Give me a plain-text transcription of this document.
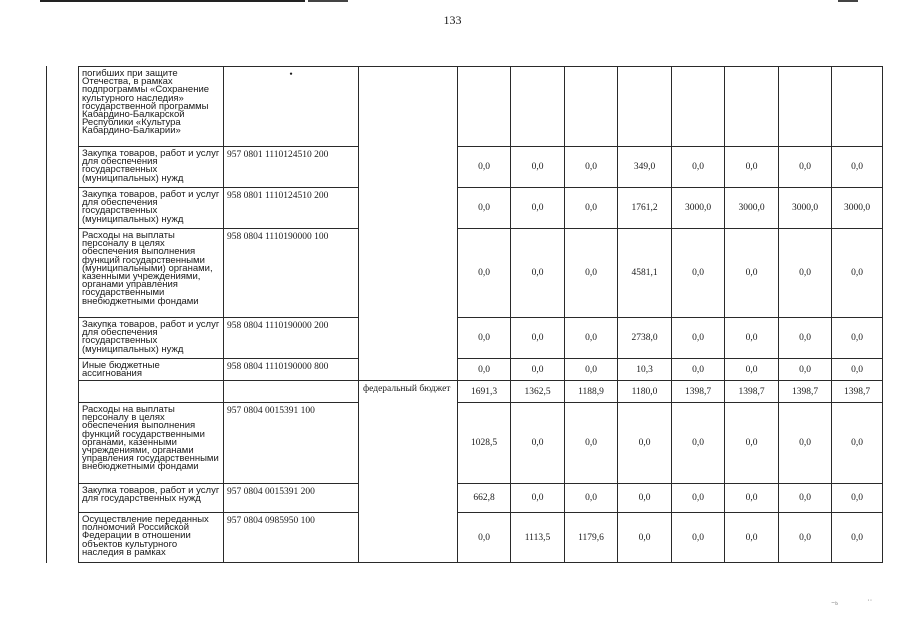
133
	погибших при защите Отечества, в рамках подпрограммы «Сохранение культурного наследия» государственной программы Кабардино-Балкарской Республики «Культура Кабардино-Балкарии»	•									
	Закупка товаров, работ и услуг для обеспечения государственных (муниципальных) нужд	957 0801 1110124510 200		0,0	0,0	0,0	349,0	0,0	0,0	0,0	0,0
	Закупка товаров, работ и услуг для обеспечения государственных (муниципальных) нужд	958 0801 1110124510 200		0,0	0,0	0,0	1761,2	3000,0	3000,0	3000,0	3000,0
	Расходы на выплаты персоналу в целях обеспечения выполнения функций государственными (муниципальными) органами, казенными учреждениями, органами управления государственными внебюджетными фондами	958 0804 1110190000 100		0,0	0,0	0,0	4581,1	0,0	0,0	0,0	0,0
	Закупка товаров, работ и услуг для обеспечения государственных (муниципальных) нужд	958 0804 1110190000 200		0,0	0,0	0,0	2738,0	0,0	0,0	0,0	0,0
	Иные бюджетные ассигнования	958 0804 1110190000 800		0,0	0,0	0,0	10,3	0,0	0,0	0,0	0,0
			федеральный бюджет	1691,3	1362,5	1188,9	1180,0	1398,7	1398,7	1398,7	1398,7
	Расходы на выплаты персоналу в целях обеспечения выполнения функций государственными органами, казенными учреждениями, органами управления государственными внебюджетными фондами	957 0804 0015391 100		1028,5	0,0	0,0	0,0	0,0	0,0	0,0	0,0
	Закупка товаров, работ и услуг для государственных нужд	957 0804 0015391 200		662,8	0,0	0,0	0,0	0,0	0,0	0,0	0,0
	Осуществление переданных полномочий Российской Федерации в отношении объектов культурного наследия в рамках	957 0804 0985950 100		0,0	1113,5	1179,6	0,0	0,0	0,0	0,0	0,0
⁻ᵇ	˙˙
